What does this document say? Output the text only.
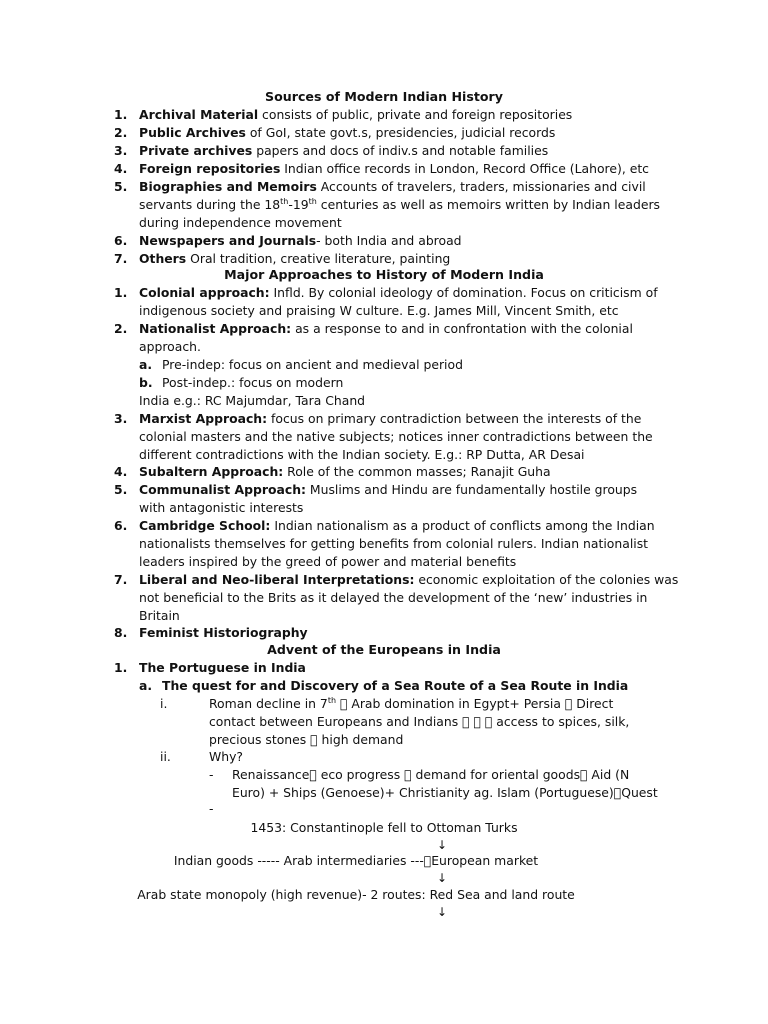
Sources of Modern Indian History
1. Archival Material consists of public, private and foreign repositories
2. Public Archives of GoI, state govt.s, presidencies, judicial records
3. Private archives papers and docs of indiv.s and notable families
4. Foreign repositories Indian office records in London, Record Office (Lahore), etc
5. Biographies and Memoirs Accounts of travelers, traders, missionaries and civil
servants during the 18th-19th centuries as well as memoirs written by Indian leaders
during independence movement
6. Newspapers and Journals- both India and abroad
7. Others Oral tradition, creative literature, painting
Major Approaches to History of Modern India
1. Colonial approach: Infld. By colonial ideology of domination. Focus on criticism of
indigenous society and praising W culture. E.g. James Mill, Vincent Smith, etc
2. Nationalist Approach: as a response to and in confrontation with the colonial
approach.
a. Pre-indep: focus on ancient and medieval period
b. Post-indep.: focus on modern
India e.g.: RC Majumdar, Tara Chand
3. Marxist Approach: focus on primary contradiction between the interests of the
colonial masters and the native subjects; notices inner contradictions between the
different contradictions with the Indian society. E.g.: RP Dutta, AR Desai
4. Subaltern Approach: Role of the common masses; Ranajit Guha
5. Communalist Approach: Muslims and Hindu are fundamentally hostile groups
with antagonistic interests
6. Cambridge School: Indian nationalism as a product of conflicts among the Indian
nationalists themselves for getting benefits from colonial rulers. Indian nationalist
leaders inspired by the greed of power and material benefits
7. Liberal and Neo-liberal Interpretations: economic exploitation of the colonies was
not beneficial to the Brits as it delayed the development of the ‘new’ industries in
Britain
8. Feminist Historiography
Advent of the Europeans in India
1. The Portuguese in India
a. The quest for and Discovery of a Sea Route of a Sea Route in India
i.	Roman decline in 7th Arab domination in Egypt+ Persia Direct
contact between Europeans and Indians access to spices, silk,
precious stones high demand
ii.	Why?
- Renaissance eco progress demand for oriental goods Aid (N
Euro) + Ships (Genoese)+ Christianity ag. Islam (Portuguese) Quest
-
1453: Constantinople fell to Ottoman Turks
↓
Indian goods ----- Arab intermediaries --- European market
↓
Arab state monopoly (high revenue)- 2 routes: Red Sea and land route
↓
